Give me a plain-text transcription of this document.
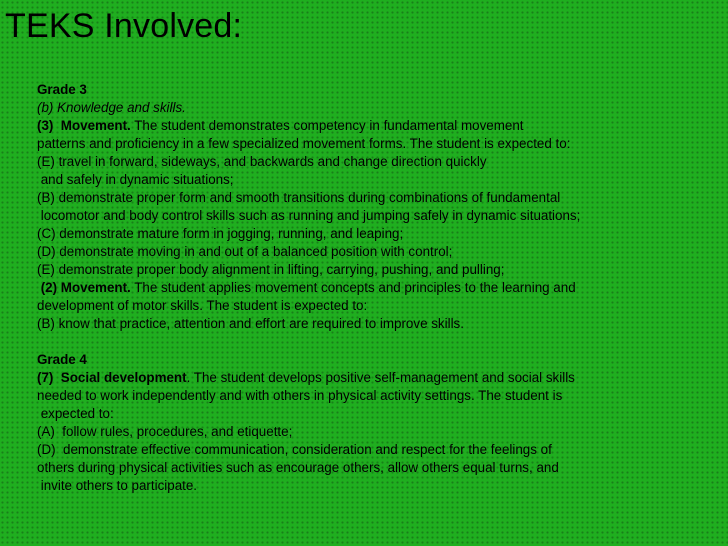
TEKS Involved:
Grade 3
(b) Knowledge and skills.
(3)  Movement. The student demonstrates competency in fundamental movement
patterns and proficiency in a few specialized movement forms. The student is expected to:
(E) travel in forward, sideways, and backwards and change direction quickly
and safely in dynamic situations;
(B) demonstrate proper form and smooth transitions during combinations of fundamental
locomotor and body control skills such as running and jumping safely in dynamic situations;
(C) demonstrate mature form in jogging, running, and leaping;
(D) demonstrate moving in and out of a balanced position with control;
(E) demonstrate proper body alignment in lifting, carrying, pushing, and pulling;
(2) Movement. The student applies movement concepts and principles to the learning and
development of motor skills. The student is expected to:
(B) know that practice, attention and effort are required to improve skills.
Grade 4
(7)  Social development. The student develops positive self-management and social skills
needed to work independently and with others in physical activity settings. The student is
expected to:
(A)  follow rules, procedures, and etiquette;
(D)  demonstrate effective communication, consideration and respect for the feelings of
others during physical activities such as encourage others, allow others equal turns, and
invite others to participate.
